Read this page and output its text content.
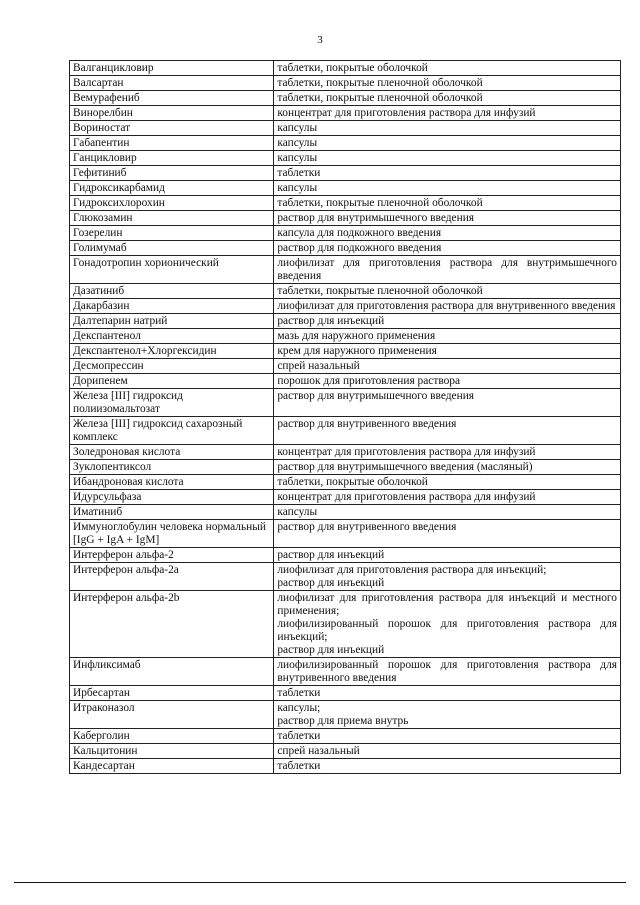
3
Валганцикловир	таблетки, покрытые оболочкой

Валсартан	таблетки, покрытые пленочной оболочкой

Вемурафениб	таблетки, покрытые пленочной оболочкой

Винорелбин	концентрат для приготовления раствора для инфузий

Вориностат	капсулы

Габапентин	капсулы

Ганцикловир	капсулы

Гефитиниб	таблетки

Гидроксикарбамид	капсулы

Гидроксихлорохин	таблетки, покрытые пленочной оболочкой

Глюкозамин	раствор для внутримышечного введения

Гозерелин	капсула для подкожного введения

Голимумаб	раствор для подкожного введения

Гонадотропин хорионический	лиофилизат для приготовления раствора для внутримышечного введения

Дазатиниб	таблетки, покрытые пленочной оболочкой

Дакарбазин	лиофилизат для приготовления раствора для внутривенного введения

Далтепарин натрий	раствор для инъекций

Декспантенол	мазь для наружного применения

Декспантенол+Хлоргексидин	крем для наружного применения

Десмопрессин	спрей назальный

Дорипенем	порошок для приготовления раствора

Железа [III] гидроксид полиизомальтозат	раствор для внутримышечного введения

Железа [III] гидроксид сахарозный комплекс	раствор для внутривенного введения

Золедроновая кислота	концентрат для приготовления раствора для инфузий

Зуклопентиксол	раствор для внутримышечного введения (масляный)

Ибандроновая кислота	таблетки, покрытые оболочкой

Идурсульфаза	концентрат для приготовления раствора для инфузий

Иматиниб	капсулы

Иммуноглобулин человека нормальный [IgG + IgA + IgM]	раствор для внутривенного введения

Интерферон альфа-2	раствор для инъекций

Интерферон альфа-2а	лиофилизат для приготовления раствора для инъекций;
раствор для инъекций

Интерферон альфа-2b	лиофилизат для приготовления раствора для инъекций и местного применения;
лиофилизированный порошок для приготовления раствора для инъекций;
раствор для инъекций

Инфликсимаб	лиофилизированный порошок для приготовления раствора для внутривенного введения

Ирбесартан	таблетки

Итраконазол	капсулы;
раствор для приема внутрь

Каберголин	таблетки

Кальцитонин	спрей назальный

Кандесартан	таблетки
